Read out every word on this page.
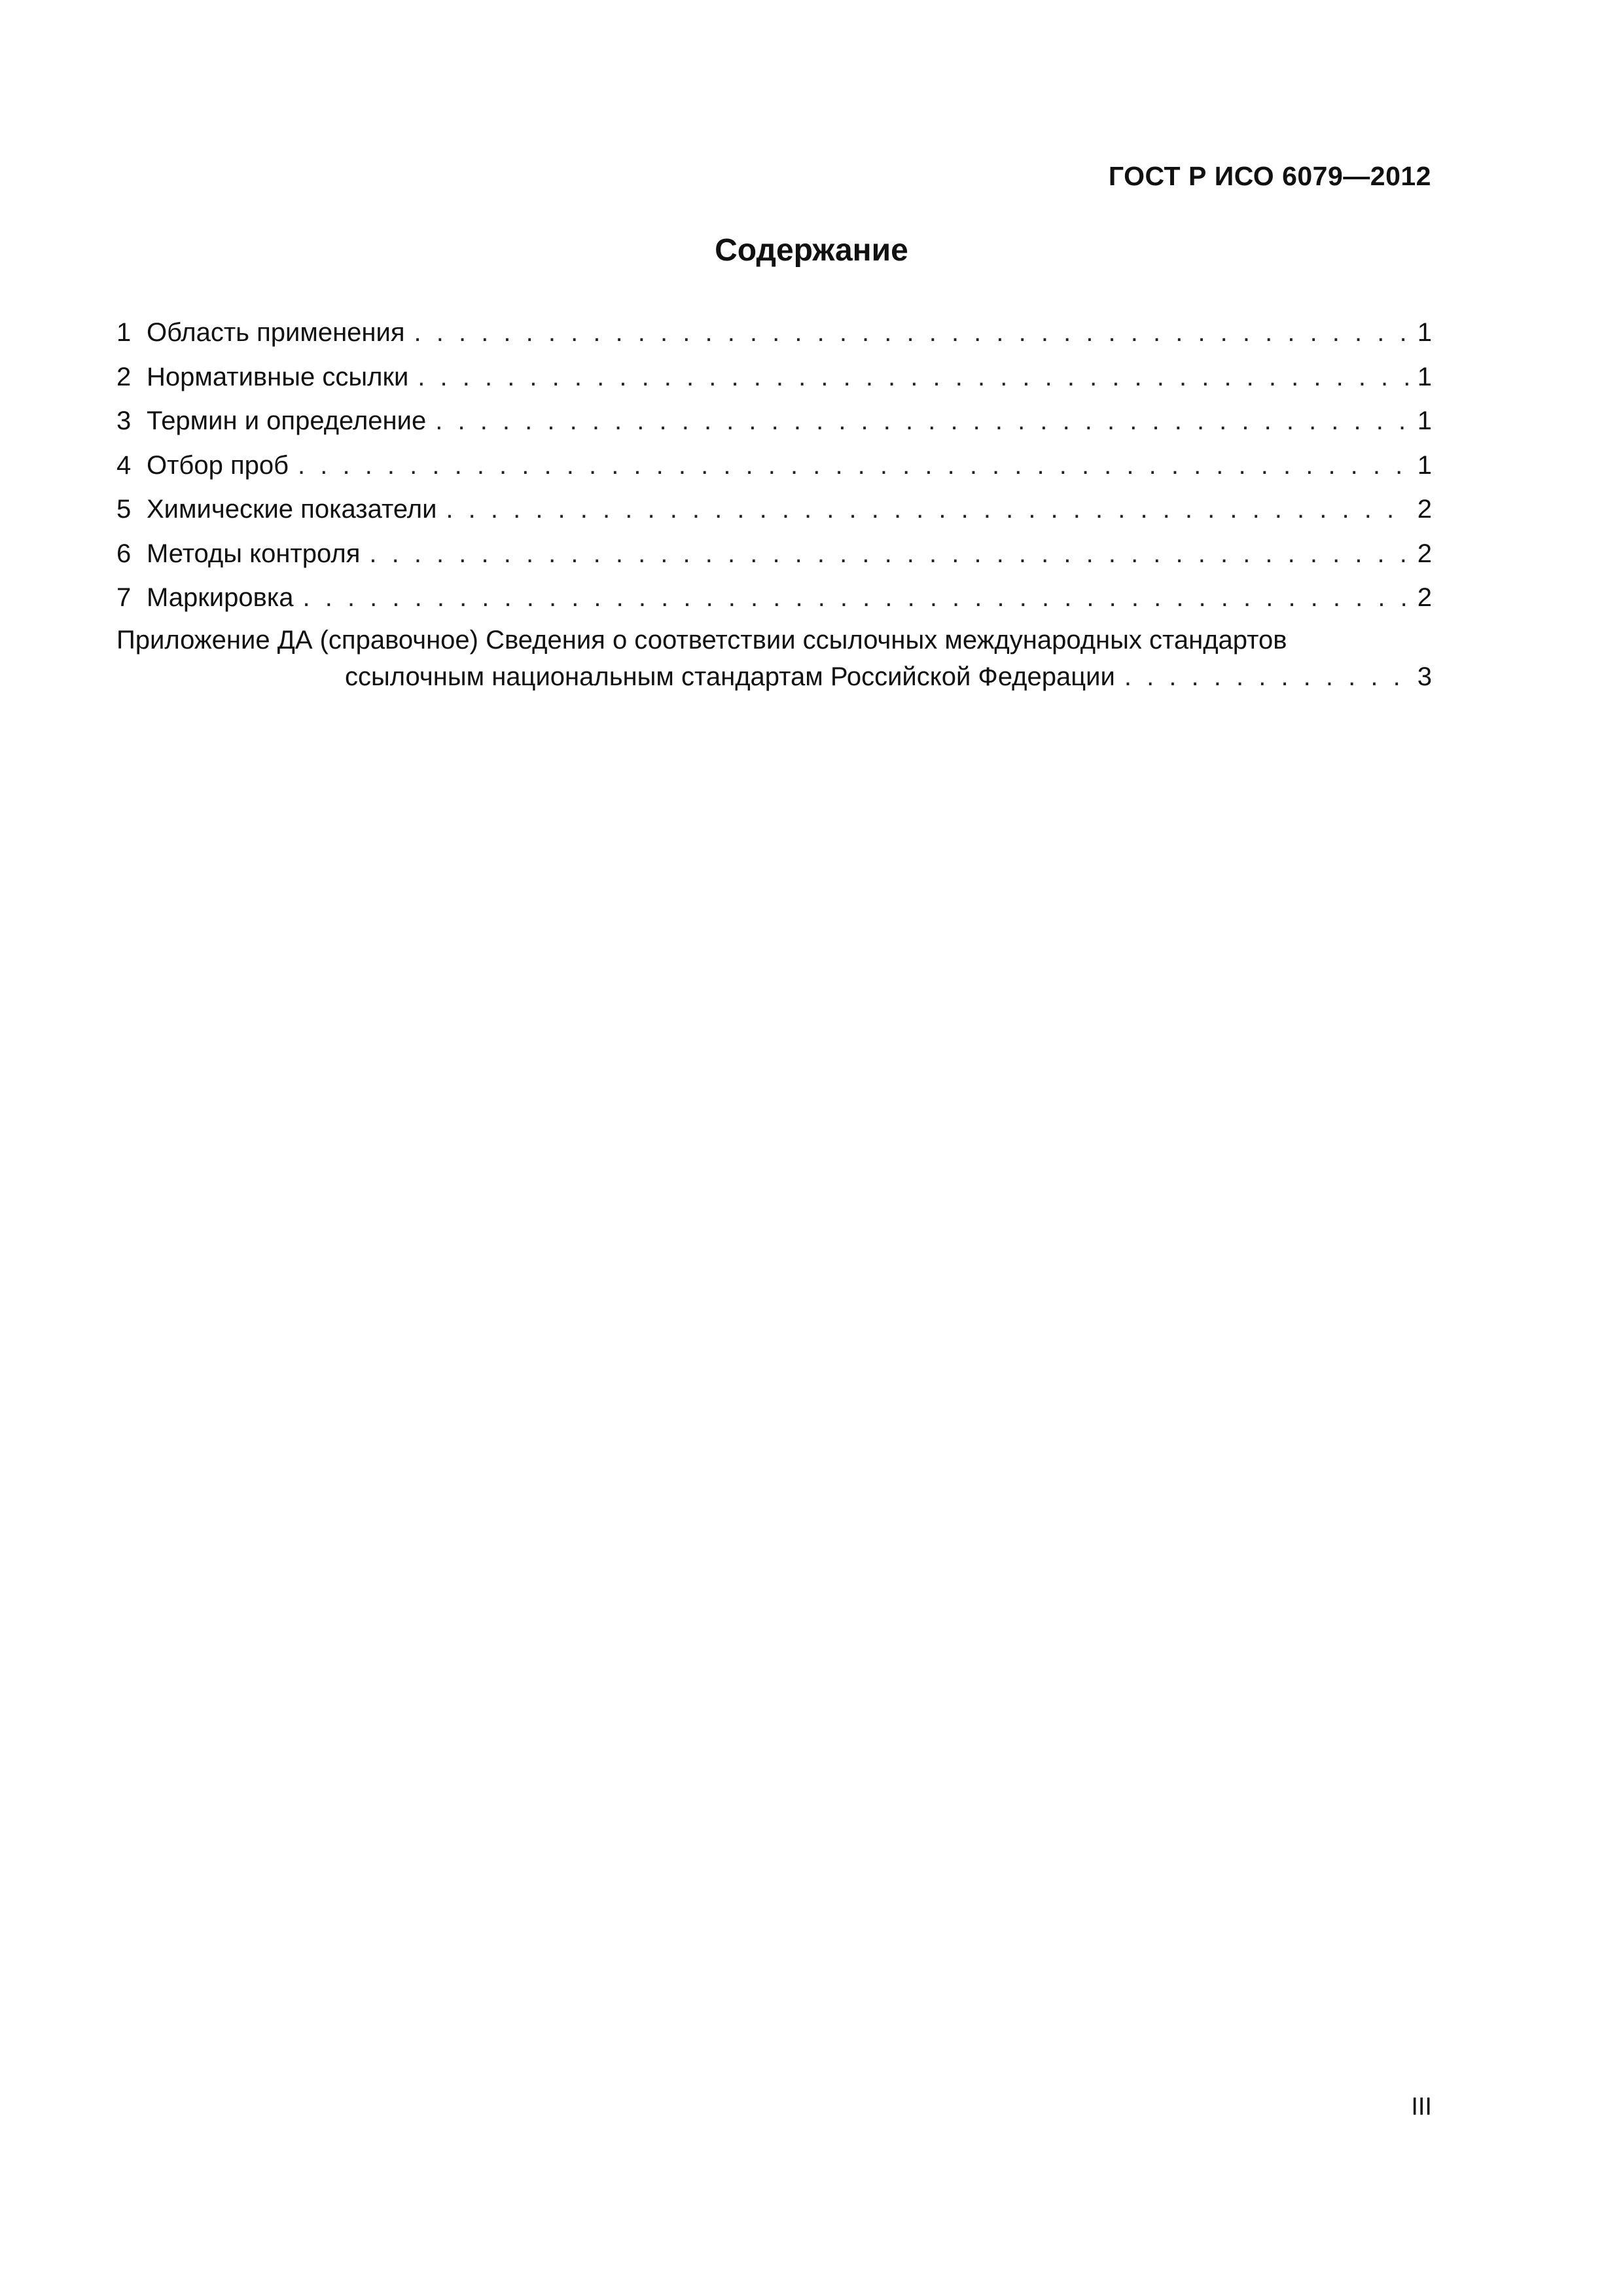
ГОСТ Р ИСО 6079—2012
Содержание
1 Область применения . . .	1
2 Нормативные ссылки . . .	1
3 Термин и определение . . .	1
4 Отбор проб . . .	1
5 Химические показатели . . .	2
6 Методы контроля . . .	2
7 Маркировка . . .	2
Приложение ДА (справочное) Сведения о соответствии ссылочных международных стандартов
ссылочным национальным стандартам Российской Федерации . . .	3
III
